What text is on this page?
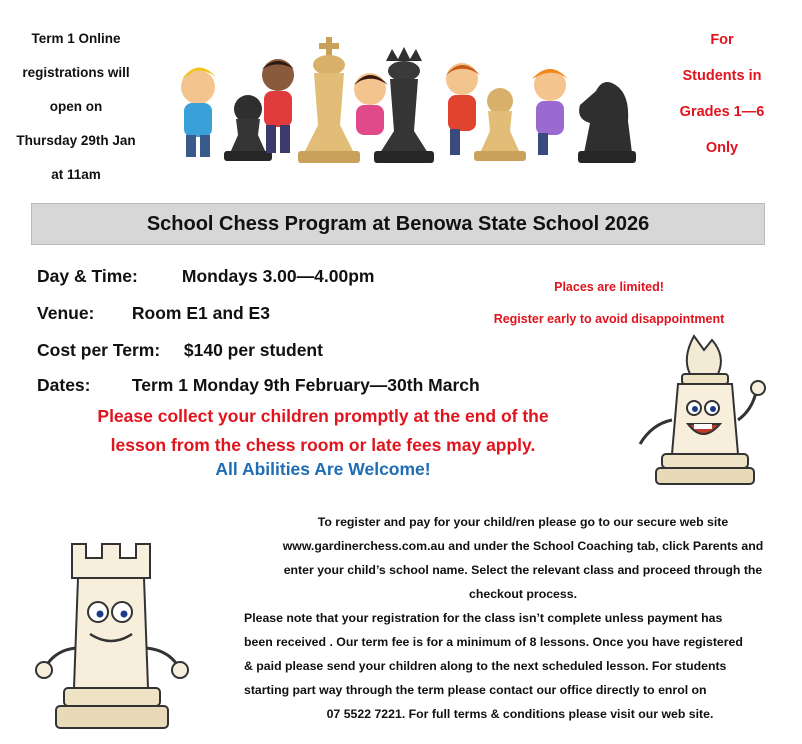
Term 1 Online
registrations will
open on
Thursday 29th Jan
at 11am
For
Students in
Grades 1—6
Only
School Chess Program at Benowa State School 2026
Day & Time:	Mondays 3.00—4.00pm
Venue: Room E1 and E3
Cost per Term: $140 per student
Dates: Term 1 Monday 9th February—30th March
Places are limited!
Register early to avoid disappointment
Please collect your children promptly at the end of the
lesson from the chess room or late fees may apply.
All Abilities Are Welcome!
To register and pay for your child/ren please go to our secure web site
www.gardinerchess.com.au and under the School Coaching tab, click Parents and
enter your child’s school name. Select the relevant class and proceed through the
checkout process.
Please note that your registration for the class isn’t complete unless payment has
been received . Our term fee is for a minimum of 8 lessons. Once you have registered
& paid please send your children along to the next scheduled lesson. For students
starting part way through the term please contact our office directly to enrol on
07 5522 7221. For full terms & conditions please visit our web site.
